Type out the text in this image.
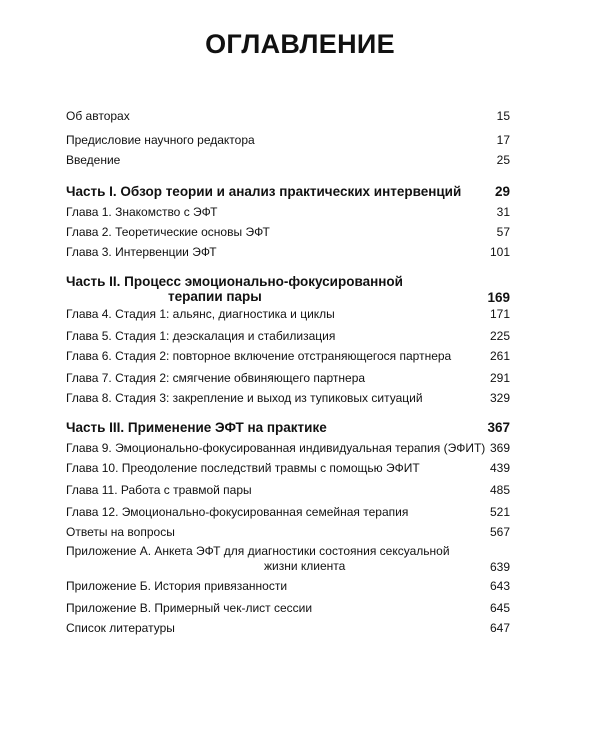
ОГЛАВЛЕНИЕ
Об авторах	15
Предисловие научного редактора	17
Введение	25
Часть I. Обзор теории и анализ практических интервенций	29
Глава 1. Знакомство с ЭФТ	31
Глава 2. Теоретические основы ЭФТ	57
Глава 3. Интервенции ЭФТ	101
Часть II. Процесс эмоционально-фокусированной
терапии пары	169
Глава 4. Стадия 1: альянс, диагностика и циклы	171
Глава 5. Стадия 1: деэскалация и стабилизация	225
Глава 6. Стадия 2: повторное включение отстраняющегося партнера	261
Глава 7. Стадия 2: смягчение обвиняющего партнера	291
Глава 8. Стадия 3: закрепление и выход из тупиковых ситуаций	329
Часть III. Применение ЭФТ на практике	367
Глава 9. Эмоционально-фокусированная индивидуальная терапия (ЭФИТ) 369
Глава 10. Преодоление последствий травмы с помощью ЭФИТ	439
Глава 11. Работа с травмой пары	485
Глава 12. Эмоционально-фокусированная семейная терапия	521
Ответы на вопросы	567
Приложение А. Анкета ЭФТ для диагностики состояния сексуальной
жизни клиента	639
Приложение Б. История привязанности	643
Приложение В. Примерный чек-лист сессии	645
Список литературы	647
